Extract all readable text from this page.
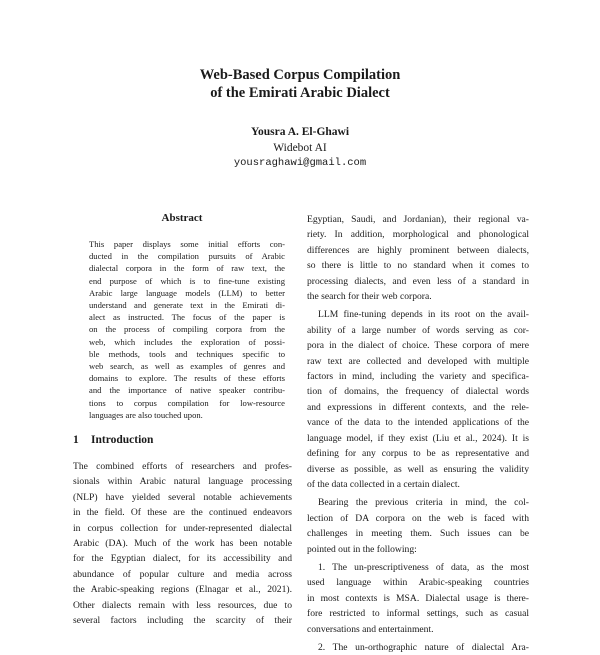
Web-Based Corpus Compilation
of the Emirati Arabic Dialect
Yousra A. El-Ghawi
Widebot AI
yousraghawi@gmail.com
Abstract
This paper displays some initial efforts con-
ducted in the compilation pursuits of Arabic
dialectal corpora in the form of raw text, the
end purpose of which is to fine-tune existing
Arabic large language models (LLM) to better
understand and generate text in the Emirati di-
alect as instructed. The focus of the paper is
on the process of compiling corpora from the
web, which includes the exploration of possi-
ble methods, tools and techniques specific to
web search, as well as examples of genres and
domains to explore. The results of these efforts
and the importance of native speaker contribu-
tions to corpus compilation for low-resource
languages are also touched upon.
1 Introduction
The combined efforts of researchers and profes-
sionals within Arabic natural language processing
(NLP) have yielded several notable achievements
in the field. Of these are the continued endeavors
in corpus collection for under-represented dialectal
Arabic (DA). Much of the work has been notable
for the Egyptian dialect, for its accessibility and
abundance of popular culture and media across
the Arabic-speaking regions (Elnagar et al., 2021).
Other dialects remain with less resources, due to
several factors including the scarcity of their
Egyptian, Saudi, and Jordanian), their regional va-
riety. In addition, morphological and phonological
differences are highly prominent between dialects,
so there is little to no standard when it comes to
processing dialects, and even less of a standard in
the search for their web corpora.
LLM fine-tuning depends in its root on the avail-
ability of a large number of words serving as cor-
pora in the dialect of choice. These corpora of mere
raw text are collected and developed with multiple
factors in mind, including the variety and specifica-
tion of domains, the frequency of dialectal words
and expressions in different contexts, and the rele-
vance of the data to the intended applications of the
language model, if they exist (Liu et al., 2024). It is
defining for any corpus to be as representative and
diverse as possible, as well as ensuring the validity
of the data collected in a certain dialect.
Bearing the previous criteria in mind, the col-
lection of DA corpora on the web is faced with
challenges in meeting them. Such issues can be
pointed out in the following:
1. The un-prescriptiveness of data, as the most
used language within Arabic-speaking countries
in most contexts is MSA. Dialectal usage is there-
fore restricted to informal settings, such as casual
conversations and entertainment.
2. The un-orthographic nature of dialectal Ara-
